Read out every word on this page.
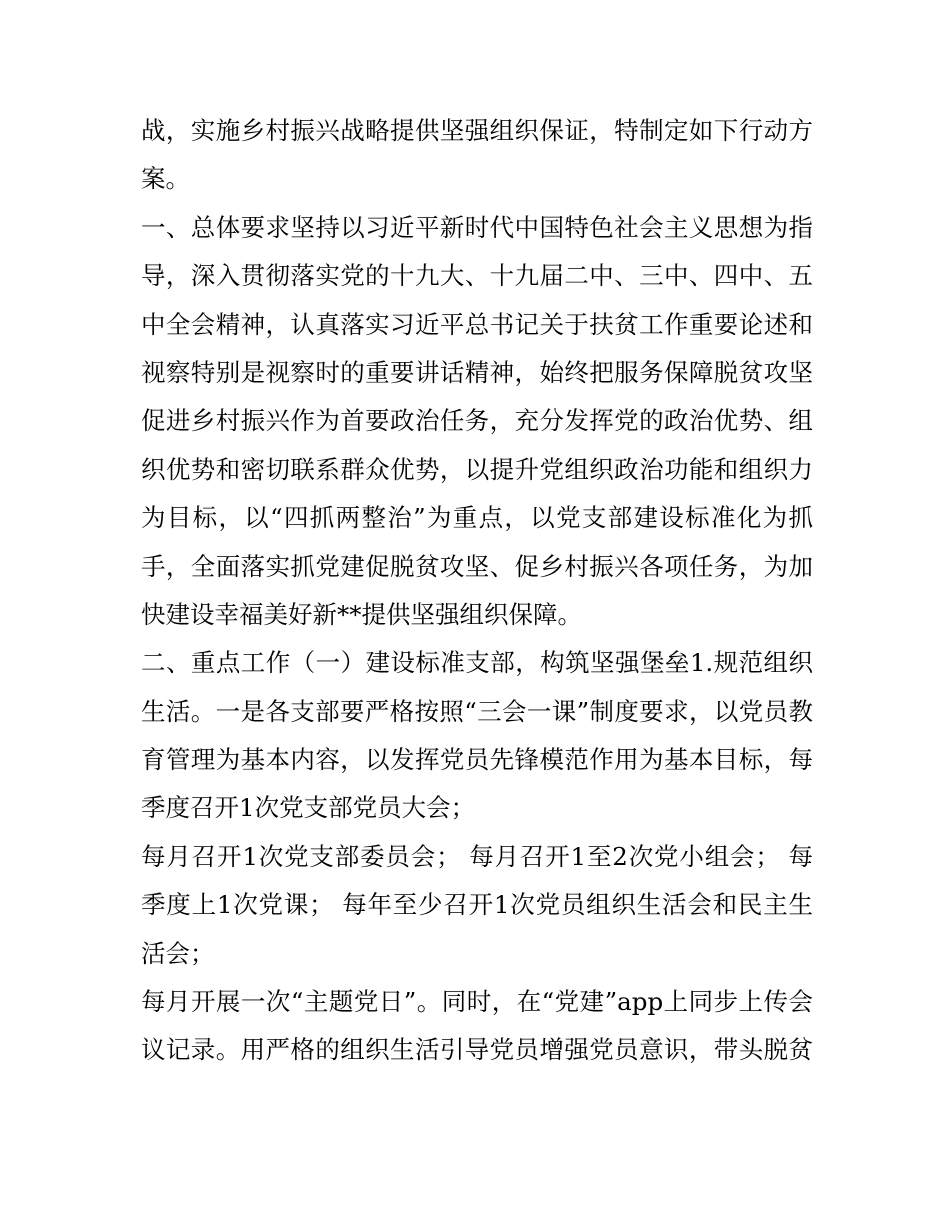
战，实施乡村振兴战略提供坚强组织保证，特制定如下行动方
案。
一、总体要求坚持以习近平新时代中国特色社会主义思想为指
导，深入贯彻落实党的十九大、十九届二中、三中、四中、五
中全会精神，认真落实习近平总书记关于扶贫工作重要论述和
视察特别是视察时的重要讲话精神，始终把服务保障脱贫攻坚
促进乡村振兴作为首要政治任务，充分发挥党的政治优势、组
织优势和密切联系群众优势，以提升党组织政治功能和组织力
为目标，以“四抓两整治”为重点，以党支部建设标准化为抓
手，全面落实抓党建促脱贫攻坚、促乡村振兴各项任务，为加
快建设幸福美好新**提供坚强组织保障。
二、重点工作（一）建设标准支部，构筑坚强堡垒1.规范组织
生活。一是各支部要严格按照“三会一课”制度要求，以党员教
育管理为基本内容，以发挥党员先锋模范作用为基本目标，每
季度召开1次党支部党员大会；
每月召开1次党支部委员会； 每月召开1至2次党小组会； 每
季度上1次党课； 每年至少召开1次党员组织生活会和民主生
活会；
每月开展一次“主题党日”。同时，在“党建”app上同步上传会
议记录。用严格的组织生活引导党员增强党员意识，带头脱贫
